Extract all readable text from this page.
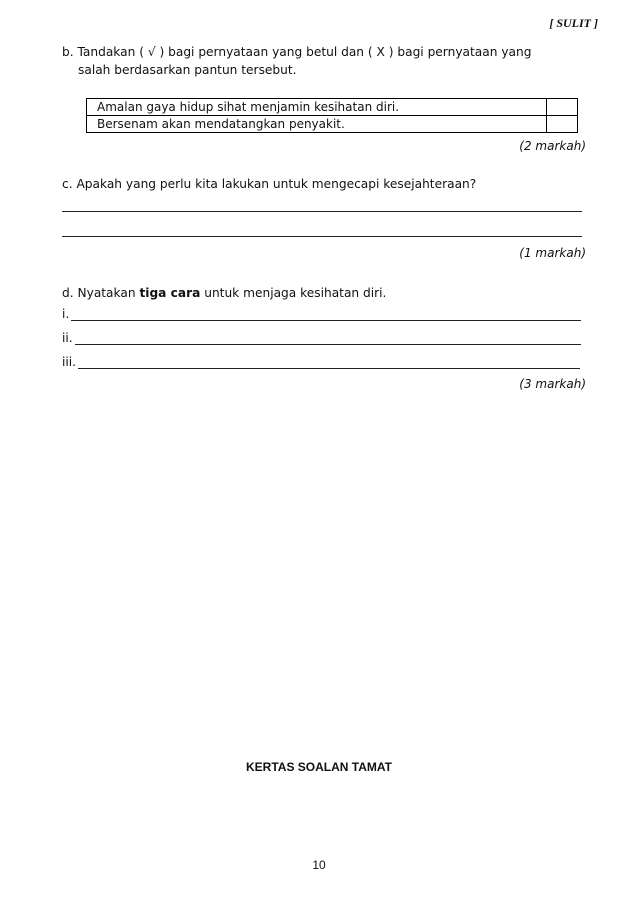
[ SULIT ]
b. Tandakan ( √ ) bagi pernyataan yang betul dan ( X ) bagi pernyataan yang
salah berdasarkan pantun tersebut.
Amalan gaya hidup sihat menjamin kesihatan diri.	
Bersenam akan mendatangkan penyakit.	
(2 markah)
c. Apakah yang perlu kita lakukan untuk mengecapi kesejahteraan?
(1 markah)
d. Nyatakan tiga cara untuk menjaga kesihatan diri.
i.
ii.
iii.
(3 markah)
KERTAS SOALAN TAMAT
10
